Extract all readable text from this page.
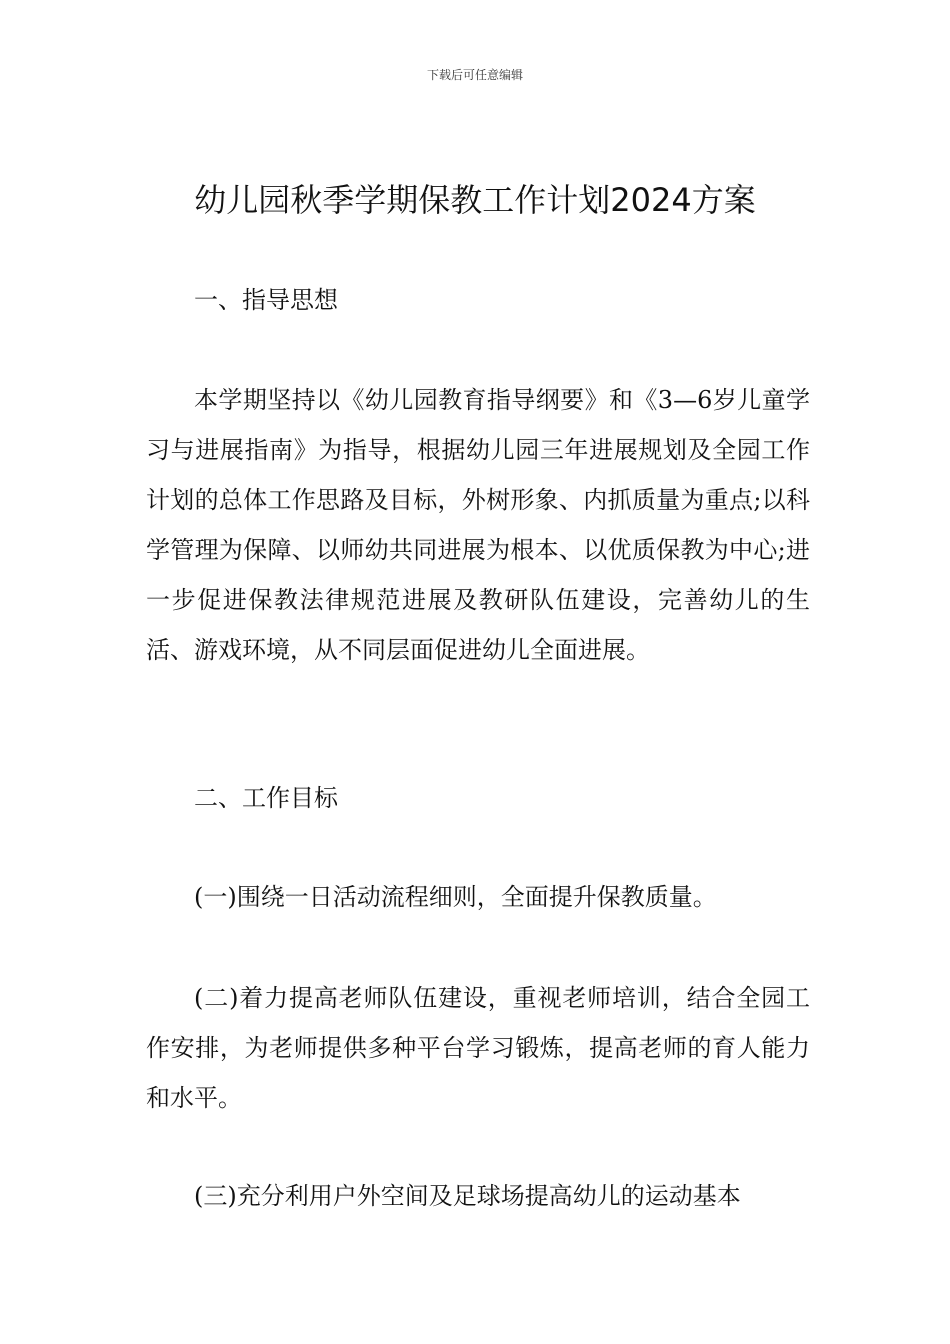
下载后可任意编辑
幼儿园秋季学期保教工作计划2024方案

一、指导思想

本学期坚持以《幼儿园教育指导纲要》和《3—6岁儿童学习与进展指南》为指导，根据幼儿园三年进展规划及全园工作计划的总体工作思路及目标，外树形象、内抓质量为重点;以科学管理为保障、以师幼共同进展为根本、以优质保教为中心;进一步促进保教法律规范进展及教研队伍建设，完善幼儿的生活、游戏环境，从不同层面促进幼儿全面进展。

二、工作目标

(一)围绕一日活动流程细则，全面提升保教质量。

(二)着力提高老师队伍建设，重视老师培训，结合全园工作安排，为老师提供多种平台学习锻炼，提高老师的育人能力和水平。

(三)充分利用户外空间及足球场提高幼儿的运动基本
